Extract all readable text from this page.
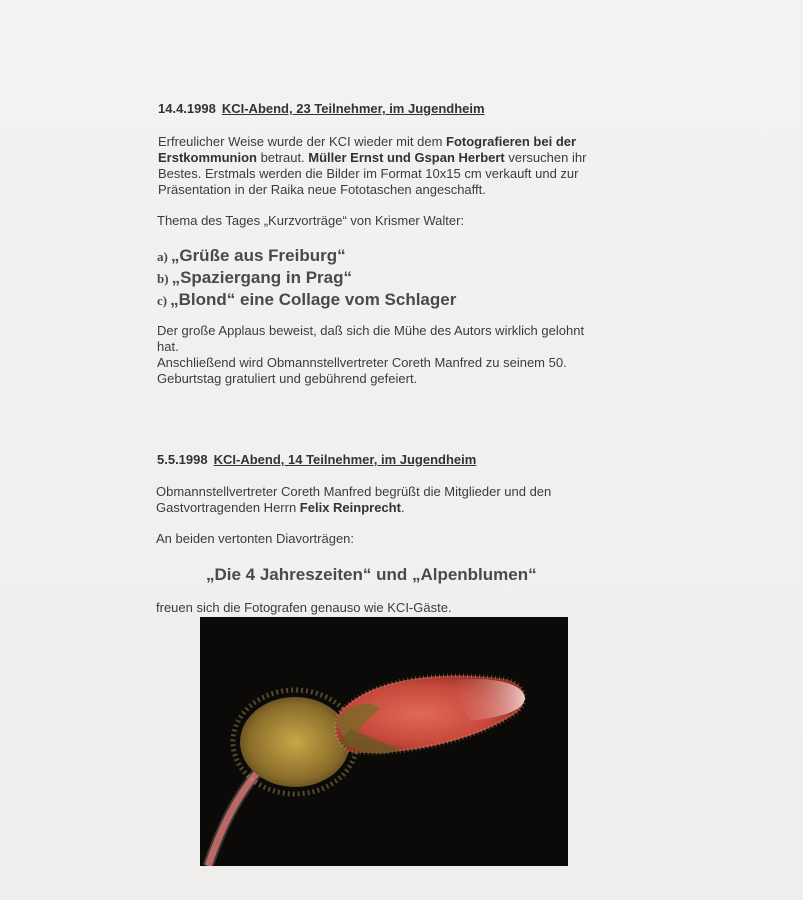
14.4.1998 KCI-Abend, 23 Teilnehmer, im Jugendheim
Erfreulicher Weise wurde der KCI wieder mit dem Fotografieren bei der Erstkommunion betraut. Müller Ernst und Gspan Herbert versuchen ihr Bestes. Erstmals werden die Bilder im Format 10x15 cm verkauft und zur Präsentation in der Raika neue Fototaschen angeschafft.
Thema des Tages „Kurzvorträge“ von Krismer Walter:
a) „Grüße aus Freiburg“
b) „Spaziergang in Prag“
c) „Blond“ eine Collage vom Schlager
Der große Applaus beweist, daß sich die Mühe des Autors wirklich gelohnt hat.
Anschließend wird Obmannstellvertreter Coreth Manfred zu seinem 50. Geburtstag gratuliert und gebührend gefeiert.
5.5.1998 KCI-Abend, 14 Teilnehmer, im Jugendheim
Obmannstellvertreter Coreth Manfred begrüßt die Mitglieder und den Gastvortragenden Herrn Felix Reinprecht.
An beiden vertonten Diavorträgen:
„Die 4 Jahreszeiten“ und „Alpenblumen“
freuen sich die Fotografen genauso wie KCI-Gäste.
